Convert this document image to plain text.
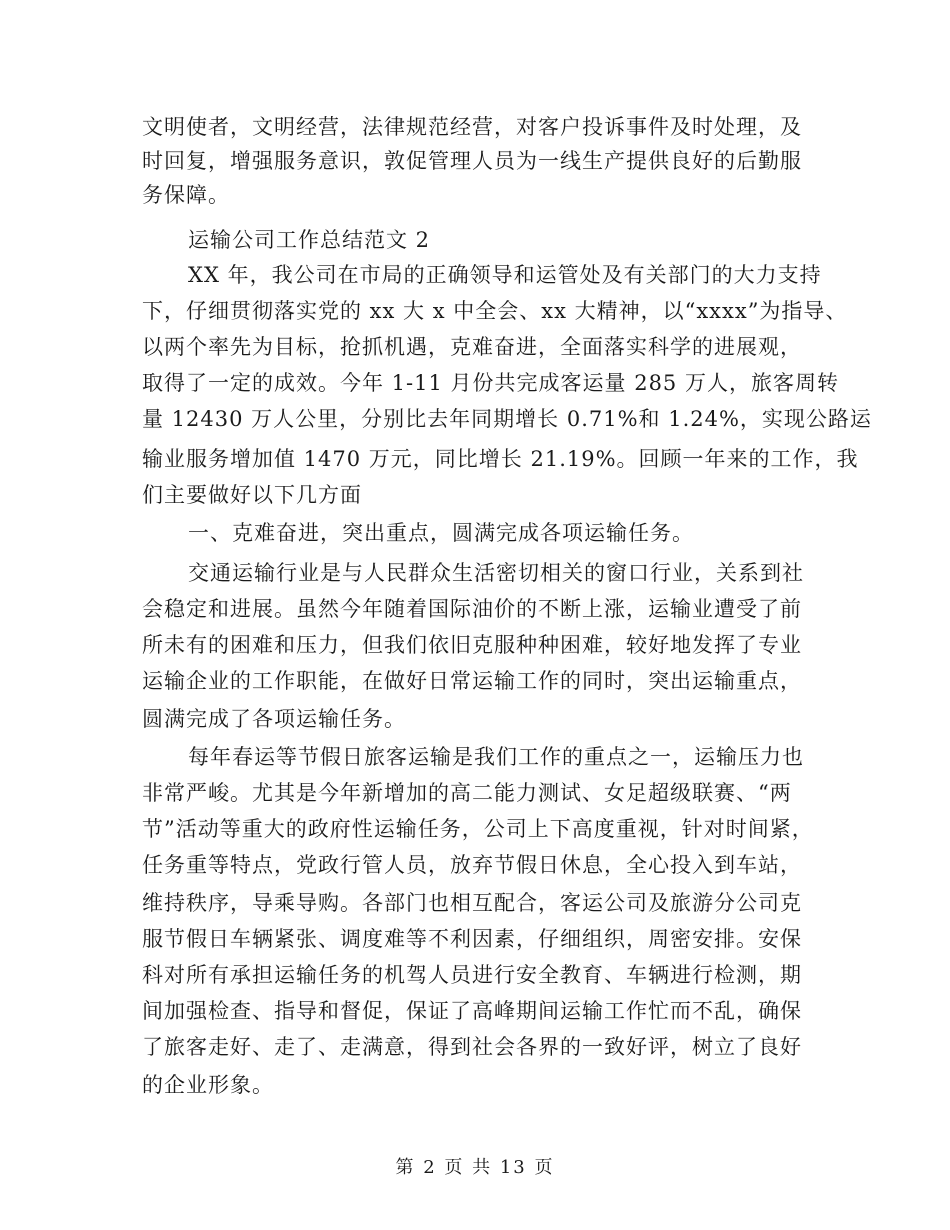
文明使者，文明经营，法律规范经营，对客户投诉事件及时处理，及
时回复，增强服务意识，敦促管理人员为一线生产提供良好的后勤服
务保障。
运输公司工作总结范文 2
XX 年，我公司在市局的正确领导和运管处及有关部门的大力支持
下，仔细贯彻落实党的 xx 大 x 中全会、xx 大精神，以“xxxx”为指导、
以两个率先为目标，抢抓机遇，克难奋进，全面落实科学的进展观，
取得了一定的成效。今年 1-11 月份共完成客运量 285 万人，旅客周转
量 12430 万人公里，分别比去年同期增长 0.71%和 1.24%，实现公路运
输业服务增加值 1470 万元，同比增长 21.19%。回顾一年来的工作，我
们主要做好以下几方面
一、克难奋进，突出重点，圆满完成各项运输任务。
交通运输行业是与人民群众生活密切相关的窗口行业，关系到社
会稳定和进展。虽然今年随着国际油价的不断上涨，运输业遭受了前
所未有的困难和压力，但我们依旧克服种种困难，较好地发挥了专业
运输企业的工作职能，在做好日常运输工作的同时，突出运输重点，
圆满完成了各项运输任务。
每年春运等节假日旅客运输是我们工作的重点之一，运输压力也
非常严峻。尤其是今年新增加的高二能力测试、女足超级联赛、“两
节”活动等重大的政府性运输任务，公司上下高度重视，针对时间紧，
任务重等特点，党政行管人员，放弃节假日休息，全心投入到车站，
维持秩序，导乘导购。各部门也相互配合，客运公司及旅游分公司克
服节假日车辆紧张、调度难等不利因素，仔细组织，周密安排。安保
科对所有承担运输任务的机驾人员进行安全教育、车辆进行检测，期
间加强检查、指导和督促，保证了高峰期间运输工作忙而不乱，确保
了旅客走好、走了、走满意，得到社会各界的一致好评，树立了良好
的企业形象。
第 2 页 共 13 页
